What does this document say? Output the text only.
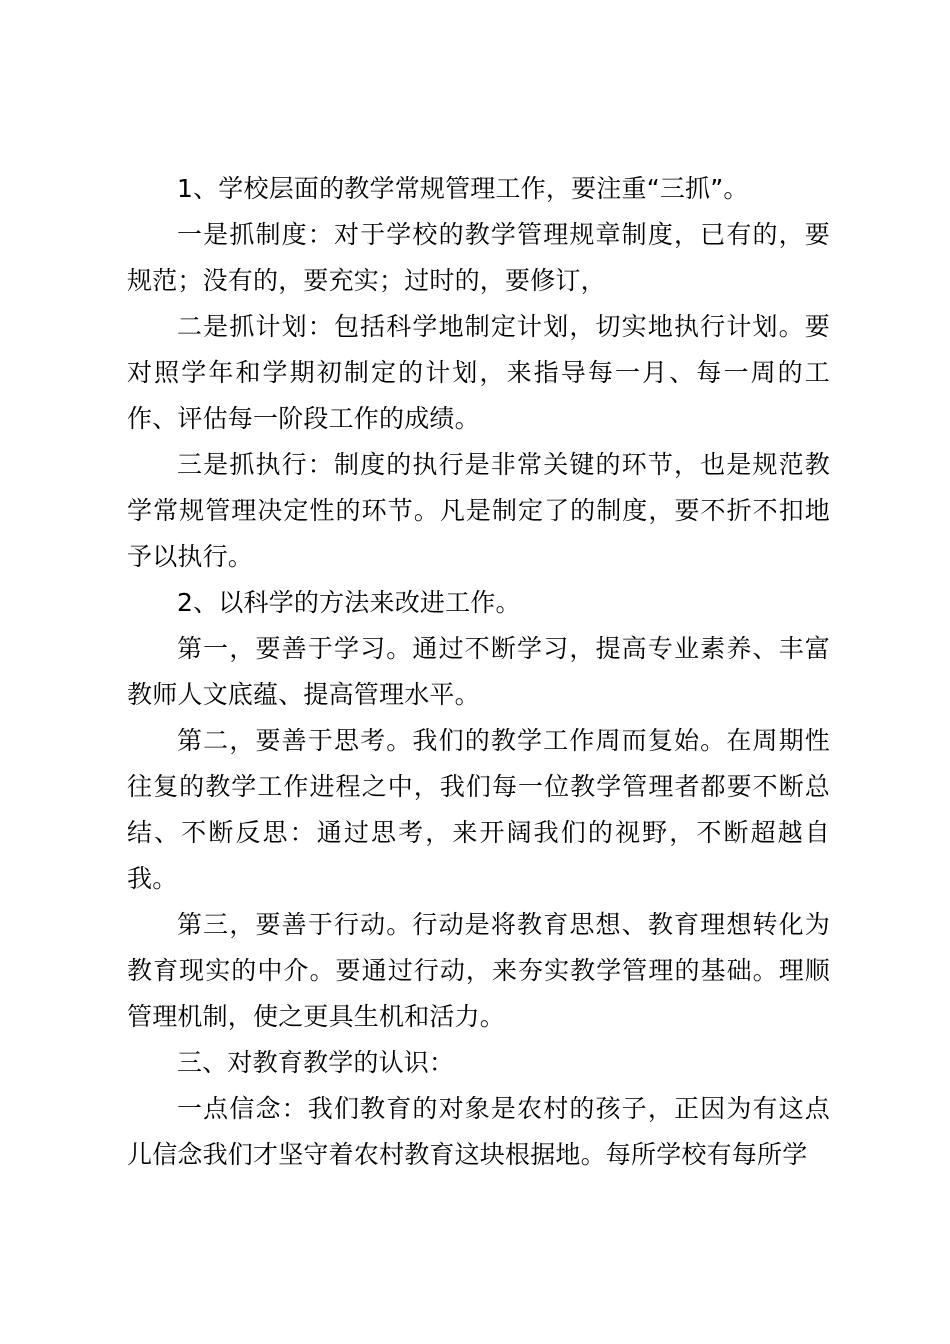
1、学校层面的教学常规管理工作，要注重“三抓”。

一是抓制度：对于学校的教学管理规章制度，已有的，要规范；没有的，要充实；过时的，要修订，

二是抓计划：包括科学地制定计划，切实地执行计划。要对照学年和学期初制定的计划，来指导每一月、每一周的工作、评估每一阶段工作的成绩。

三是抓执行：制度的执行是非常关键的环节，也是规范教学常规管理决定性的环节。凡是制定了的制度，要不折不扣地予以执行。

2、以科学的方法来改进工作。

第一，要善于学习。通过不断学习，提高专业素养、丰富教师人文底蕴、提高管理水平。

第二，要善于思考。我们的教学工作周而复始。在周期性往复的教学工作进程之中，我们每一位教学管理者都要不断总结、不断反思：通过思考，来开阔我们的视野，不断超越自我。

第三，要善于行动。行动是将教育思想、教育理想转化为教育现实的中介。要通过行动，来夯实教学管理的基础。理顺管理机制，使之更具生机和活力。

三、对教育教学的认识：

一点信念：我们教育的对象是农村的孩子，正因为有这点儿信念我们才坚守着农村教育这块根据地。每所学校有每所学
